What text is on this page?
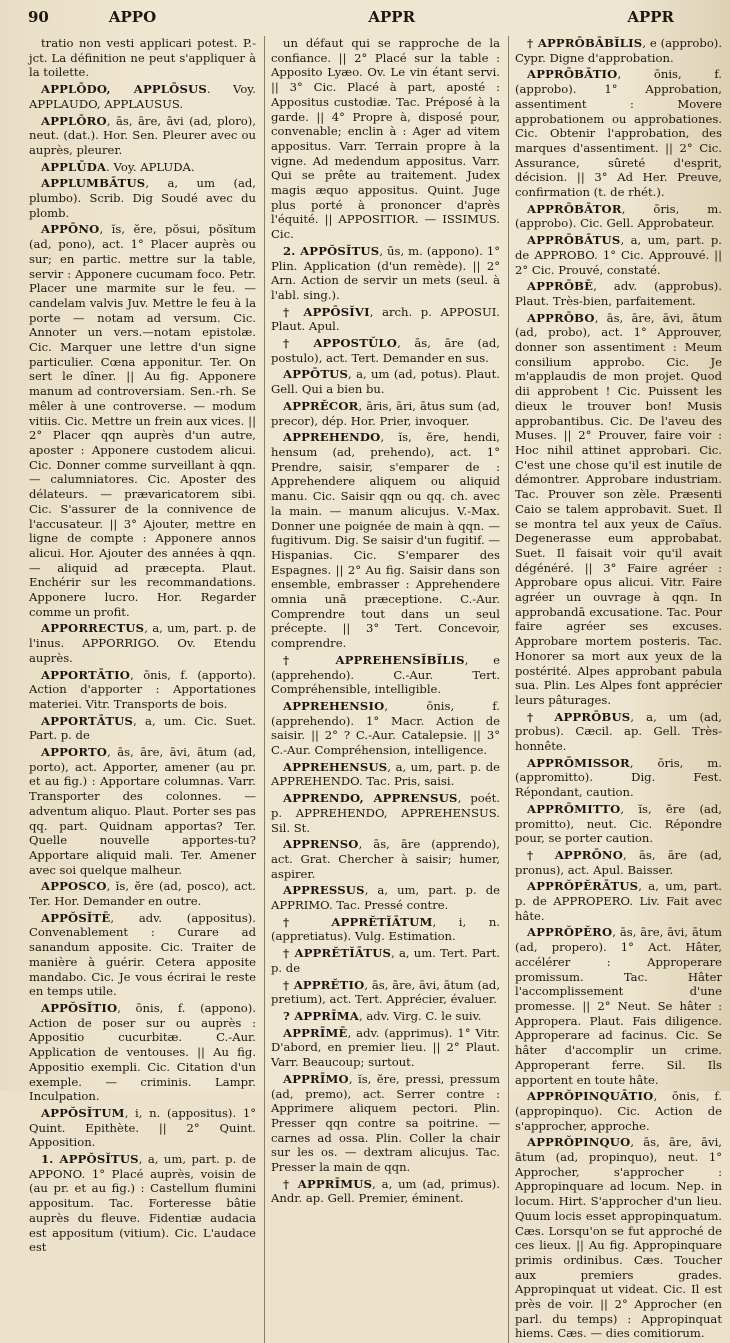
90	APPO	APPR	APPR

tratio non vesti applicari potest. P.-jct. La définition ne peut s'appliquer à la toilette.

APPLŌDO, APPLŌSUS. Voy. APPLAUDO, APPLAUSUS.

APPLŌRO, ās, āre, āvi (ad, ploro), neut. (dat.). Hor. Sen. Pleurer avec ou auprès, pleurer.

APPLŪDA. Voy. APLUDA.

APPLUMBĀTUS, a, um (ad, plumbo). Scrib. Dig Soudé avec du plomb.

APPŌNO, ĭs, ĕre, pŏsui, pŏsĭtum (ad, pono), act. 1° Placer auprès ou sur; en partic. mettre sur la table, servir : Apponere cucumam foco. Petr. Placer une marmite sur le feu. — candelam valvis Juv. Mettre le feu à la porte — notam ad versum. Cic. Annoter un vers.—notam epistolæ. Cic. Marquer une lettre d'un signe particulier. Cœna apponitur. Ter. On sert le dîner. || Au fig. Apponere manum ad controversiam. Sen.-rh. Se mêler à une controverse. — modum vitiis. Cic. Mettre un frein aux vices. || 2° Placer qqn auprès d'un autre, aposter : Apponere custodem alicui. Cic. Donner comme surveillant à qqn. — calumniatores. Cic. Aposter des délateurs. — prævaricatorem sibi. Cic. S'assurer de la connivence de l'accusateur. || 3° Ajouter, mettre en ligne de compte : Apponere annos alicui. Hor. Ajouter des années à qqn. — aliquid ad præcepta. Plaut. Enchérir sur les recommandations. Apponere lucro. Hor. Regarder comme un profit.

APPORRECTUS, a, um, part. p. de l'inus. APPORRIGO. Ov. Etendu auprès.

APPORTĀTIO, ōnis, f. (apporto). Action d'apporter : Apportationes materiei. Vitr. Transports de bois.

APPORTĀTUS, a, um. Cic. Suet. Part. p. de

APPORTO, ās, āre, āvi, ātum (ad, porto), act. Apporter, amener (au pr. et au fig.) : Apportare columnas. Varr. Transporter des colonnes. — adventum aliquo. Plaut. Porter ses pas qq. part. Quidnam apportas? Ter. Quelle nouvelle apportes-tu? Apportare aliquid mali. Ter. Amener avec soi quelque malheur.

APPOSCO, ĭs, ĕre (ad, posco), act. Ter. Hor. Demander en outre.

APPŎSĬTĒ, adv. (appositus). Convenablement : Curare ad sanandum apposite. Cic. Traiter de manière à guérir. Cetera apposite mandabo. Cic. Je vous écrirai le reste en temps utile.

APPŎSĬTIO, ōnis, f. (appono). Action de poser sur ou auprès : Appositio cucurbitæ. C.-Aur. Application de ventouses. || Au fig. Appositio exempli. Cic. Citation d'un exemple. — criminis. Lampr. Inculpation.

APPŎSĬTUM, i, n. (appositus). 1° Quint. Epithète. || 2° Quint. Apposition.

1. APPŎSĬTUS, a, um, part. p. de APPONO. 1° Placé auprès, voisin de (au pr. et au fig.) : Castellum flumini appositum. Tac. Forteresse bâtie auprès du fleuve. Fidentiæ audacia est appositum (vitium). Cic. L'audace est

un défaut qui se rapproche de la confiance. || 2° Placé sur la table : Apposito Lyæo. Ov. Le vin étant servi. || 3° Cic. Placé à part, aposté : Appositus custodiæ. Tac. Préposé à la garde. || 4° Propre à, disposé pour, convenable; enclin à : Ager ad vitem appositus. Varr. Terrain propre à la vigne. Ad medendum appositus. Varr. Qui se prête au traitement. Judex magis æquo appositus. Quint. Juge plus porté à prononcer d'après l'équité. || APPOSITIOR. — ISSIMUS. Cic.

2. APPŎSĬTUS, ūs, m. (appono). 1° Plin. Application (d'un remède). || 2° Arn. Action de servir un mets (seul. à l'abl. sing.).

† APPŌSĬVI, arch. p. APPOSUI. Plaut. Apul.

† APPOSTŬLO, ās, āre (ad, postulo), act. Tert. Demander en sus.

APPŌTUS, a, um (ad, potus). Plaut. Gell. Qui a bien bu.

APPRĔCOR, āris, āri, ātus sum (ad, precor), dép. Hor. Prier, invoquer.

APPREHENDO, ĭs, ĕre, hendi, hensum (ad, prehendo), act. 1° Prendre, saisir, s'emparer de : Apprehendere aliquem ou aliquid manu. Cic. Saisir qqn ou qq. ch. avec la main. — manum alicujus. V.-Max. Donner une poignée de main à qqn. — fugitivum. Dig. Se saisir d'un fugitif. — Hispanias. Cic. S'emparer des Espagnes. || 2° Au fig. Saisir dans son ensemble, embrasser : Apprehendere omnia unā præceptione. C.-Aur. Comprendre tout dans un seul précepte. || 3° Tert. Concevoir, comprendre.

† APPREHENSĬBĬLIS, e (apprehendo). C.-Aur. Tert. Compréhensible, intelligible.

APPREHENSIO, ōnis, f. (apprehendo). 1° Macr. Action de saisir. || 2° ? C.-Aur. Catalepsie. || 3° C.-Aur. Compréhension, intelligence.

APPREHENSUS, a, um, part. p. de APPREHENDO. Tac. Pris, saisi.

APPRENDO, APPRENSUS, poét. p. APPREHENDO, APPREHENSUS. Sil. St.

APPRENSO, ās, āre (apprendo), act. Grat. Chercher à saisir; humer, aspirer.

APPRESSUS, a, um, part. p. de APPRIMO. Tac. Pressé contre.

† APPRĔTĬĀTUM, i, n. (appretiatus). Vulg. Estimation.

† APPRĔTĬĀTUS, a, um. Tert. Part. p. de

† APPRĔTIO, ās, āre, āvi, ātum (ad, pretium), act. Tert. Apprécier, évaluer.

? APPRĪMA, adv. Virg. C. le suiv.

APPRĪMĒ, adv. (apprimus). 1° Vitr. D'abord, en premier lieu. || 2° Plaut. Varr. Beaucoup; surtout.

APPRĪMO, ĭs, ĕre, pressi, pressum (ad, premo), act. Serrer contre : Apprimere aliquem pectori. Plin. Presser qqn contre sa poitrine. — carnes ad ossa. Plin. Coller la chair sur les os. — dextram alicujus. Tac. Presser la main de qqn.

† APPRĪMUS, a, um (ad, primus). Andr. ap. Gell. Premier, éminent.

† APPRŌBĀBĬLIS, e (approbo). Cypr. Digne d'approbation.

APPRŌBĀTIO, ōnis, f. (approbo). 1° Approbation, assentiment : Movere approbationem ou approbationes. Cic. Obtenir l'approbation, des marques d'assentiment. || 2° Cic. Assurance, sûreté d'esprit, décision. || 3° Ad Her. Preuve, confirmation (t. de rhét.).

APPRŌBĀTOR, ōris, m. (approbo). Cic. Gell. Approbateur.

APPRŌBĀTUS, a, um, part. p. de APPROBO. 1° Cic. Approuvé. || 2° Cic. Prouvé, constaté.

APPRŌBĒ, adv. (approbus). Plaut. Très-bien, parfaitement.

APPRŌBO, ās, āre, āvi, ātum (ad, probo), act. 1° Approuver, donner son assentiment : Meum consilium approbo. Cic. Je m'applaudis de mon projet. Quod dii approbent ! Cic. Puissent les dieux le trouver bon! Musis approbantibus. Cic. De l'aveu des Muses. || 2° Prouver, faire voir : Hoc nihil attinet approbari. Cic. C'est une chose qu'il est inutile de démontrer. Approbare industriam. Tac. Prouver son zèle. Præsenti Caio se talem approbavit. Suet. Il se montra tel aux yeux de Caïus. Degenerasse eum approbabat. Suet. Il faisait voir qu'il avait dégénéré. || 3° Faire agréer : Approbare opus alicui. Vitr. Faire agréer un ouvrage à qqn. In approbandā excusatione. Tac. Pour faire agréer ses excuses. Approbare mortem posteris. Tac. Honorer sa mort aux yeux de la postérité. Alpes approbant pabula sua. Plin. Les Alpes font apprécier leurs pâturages.

† APPRŌBUS, a, um (ad, probus). Cæcil. ap. Gell. Très-honnête.

APPRŌMISSOR, ōris, m. (appromitto). Dig. Fest. Répondant, caution.

APPRŌMITTO, ĭs, ĕre (ad, promitto), neut. Cic. Répondre pour, se porter caution.

† APPRŌNO, ās, āre (ad, pronus), act. Apul. Baisser.

APPRŎPĔRĀTUS, a, um, part. p. de APPROPERO. Liv. Fait avec hâte.

APPRŎPĔRO, ās, āre, āvi, ātum (ad, propero). 1° Act. Hâter, accélérer : Approperare promissum. Tac. Hâter l'accomplissement d'une promesse. || 2° Neut. Se hâter : Approperа. Plaut. Fais diligence. Approperare ad facinus. Cic. Se hâter d'accomplir un crime. Approperant ferre. Sil. Ils apportent en toute hâte.

APPRŎPINQUĀTIO, ōnis, f. (appropinquo). Cic. Action de s'approcher, approche.

APPRŎPINQUO, ās, āre, āvi, ātum (ad, propinquo), neut. 1° Approcher, s'approcher : Appropinquare ad locum. Nep. in locum. Hirt. S'approcher d'un lieu. Quum locis esset appropinquatum. Cæs. Lorsqu'on se fut approché de ces lieux. || Au fig. Appropinquare primis ordinibus. Cæs. Toucher aux premiers grades. Appropinquat ut videat. Cic. Il est près de voir. || 2° Approcher (en parl. du temps) : Appropinquat hiems. Cæs. — dies comitiorum.
